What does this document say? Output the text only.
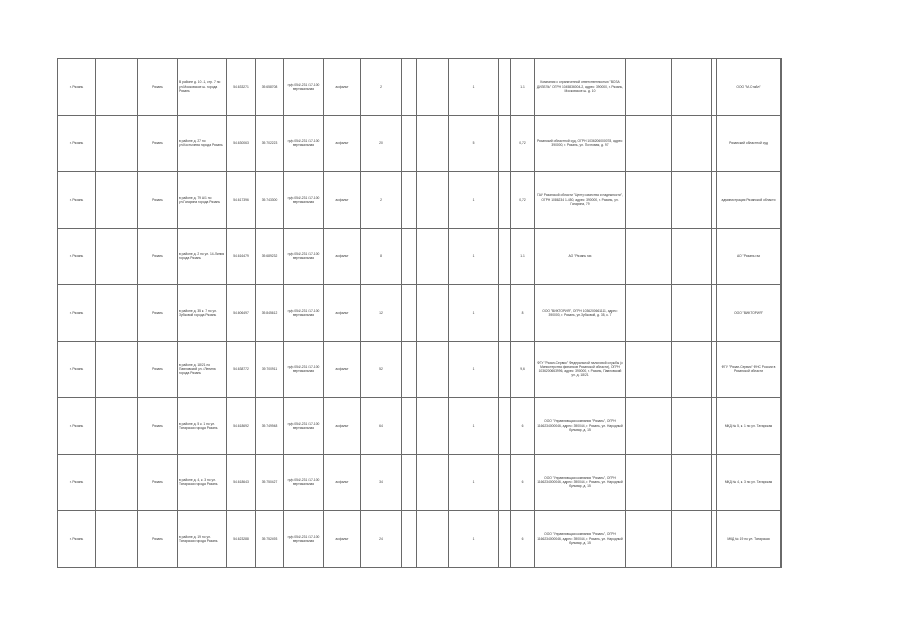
г. Рязань		Рязань	В районе д. 10 -1, стр. 7 по ул.Московское ш. города Рязань	54.633271	39.658708	гр/р.054/-231 /17-100 вертикальная	асфальт	2			1		1.1	Компания с ограниченной ответственностью "ВОЗА ДИЗЕЛЬ" ОГРН 1045836004-2, адрес: 390000, г. Рязань, Московское ш. д. 10				ООО "М-Стайл"	
г. Рязань		Рязань	в районе д. 27 по ул.Костычева города Рязань	54.630063	39.702223	гр/р.054/-231 /17-100 вертикальная	асфальт	20			5		0,72	Рязанский областной суд, ОГРН 1036206000078, адрес: 390000, г. Рязань, ул. Почтовая, д. 97				Рязанский областной суд	
г. Рязань		Рязань	в районе д. 79 А/1 по ул.Гагарина города Рязань	54.617396	39.743300	гр/р.054/-231 /17-100 вертикальная	асфальт	2			1		0,72	ГАУ Рязанской области "Центр качества и надежности", ОГРН 1086234 1-450, адрес: 390000, г. Рязань, ул. Гагарина, 79				администрация Рязанской области	
г. Рязань		Рязань	в районе д. 2 по ул. 14-Линия города Рязань	54.616479	39.689232	гр/р.054/-231 /17-100 вертикальная	асфальт	8			1		1.1	АО "Рязань газ				АО "Рязань газ	
г. Рязань		Рязань	в районе д. 35 к. 7 по ул. Зубковой города Рязань	54.606497	39.845612	гр/р.054/-231 /17-100 вертикальная	асфальт	12			1		8	ООО "ВИКТОРИЯ", ОГРН 1036200661111, адрес: 390000, г. Рязань, ул.Зубковой, д. 35, к. 7				ООО "ВИКТОРИЯ"	
г. Рязань		Рязань	в районе д. 18/21 по Павловский ул. /Ленина города Рязань	54.638772	39.700911	гр/р.054/-231 /17-100 вертикальная	асфальт	52			1		9,6	ФГУ "Рязан-Сервис" Федеральной налоговой службы (с Министерства финансов Рязанской области), ОГРН 1036200663996, адрес: 390000, г. Рязань, Павловский ул. д. 18/21				ФГУ "Рязан-Сервис" ФНС России в Рязанской области	
г. Рязань		Рязань	в районе д. 5 к. 1 по ул. Татарская города Рязань	54.618692	39.749948	гр/р.054/-231 /17-100 вертикальная	асфальт	64			1		6	ООО "Управляющая компания "Рязань", ОГРН 1166234000046, адрес: 390044, г. Рязань, ул. Народный бульвар, д. 15				МКД № 5, к. 1 по ул. Татарская	
г. Рязань		Рязань	в районе д. 4, к. 3 по ул. Татарская города Рязань	54.618643	39.750427	гр/р.054/-231 /17-100 вертикальная	асфальт	34			1		6	ООО "Управляющая компания "Рязань", ОГРН 1166234000046, адрес: 390044, г. Рязань, ул. Народный бульвар, д. 15				МКД № 4, к. 3 по ул. Татарская	
г. Рязань		Рязань	в районе д. 19 по ул. Татарская города Рязань	54.623288	39.752493	гр/р.054/-231 /17-100 вертикальная	асфальт	24			1		6	ООО "Управляющая компания "Рязань", ОГРН 1166234000046, адрес: 390044, г. Рязань, ул. Народный бульвар, д. 15				МКД № 19 по ул. Татарская	
